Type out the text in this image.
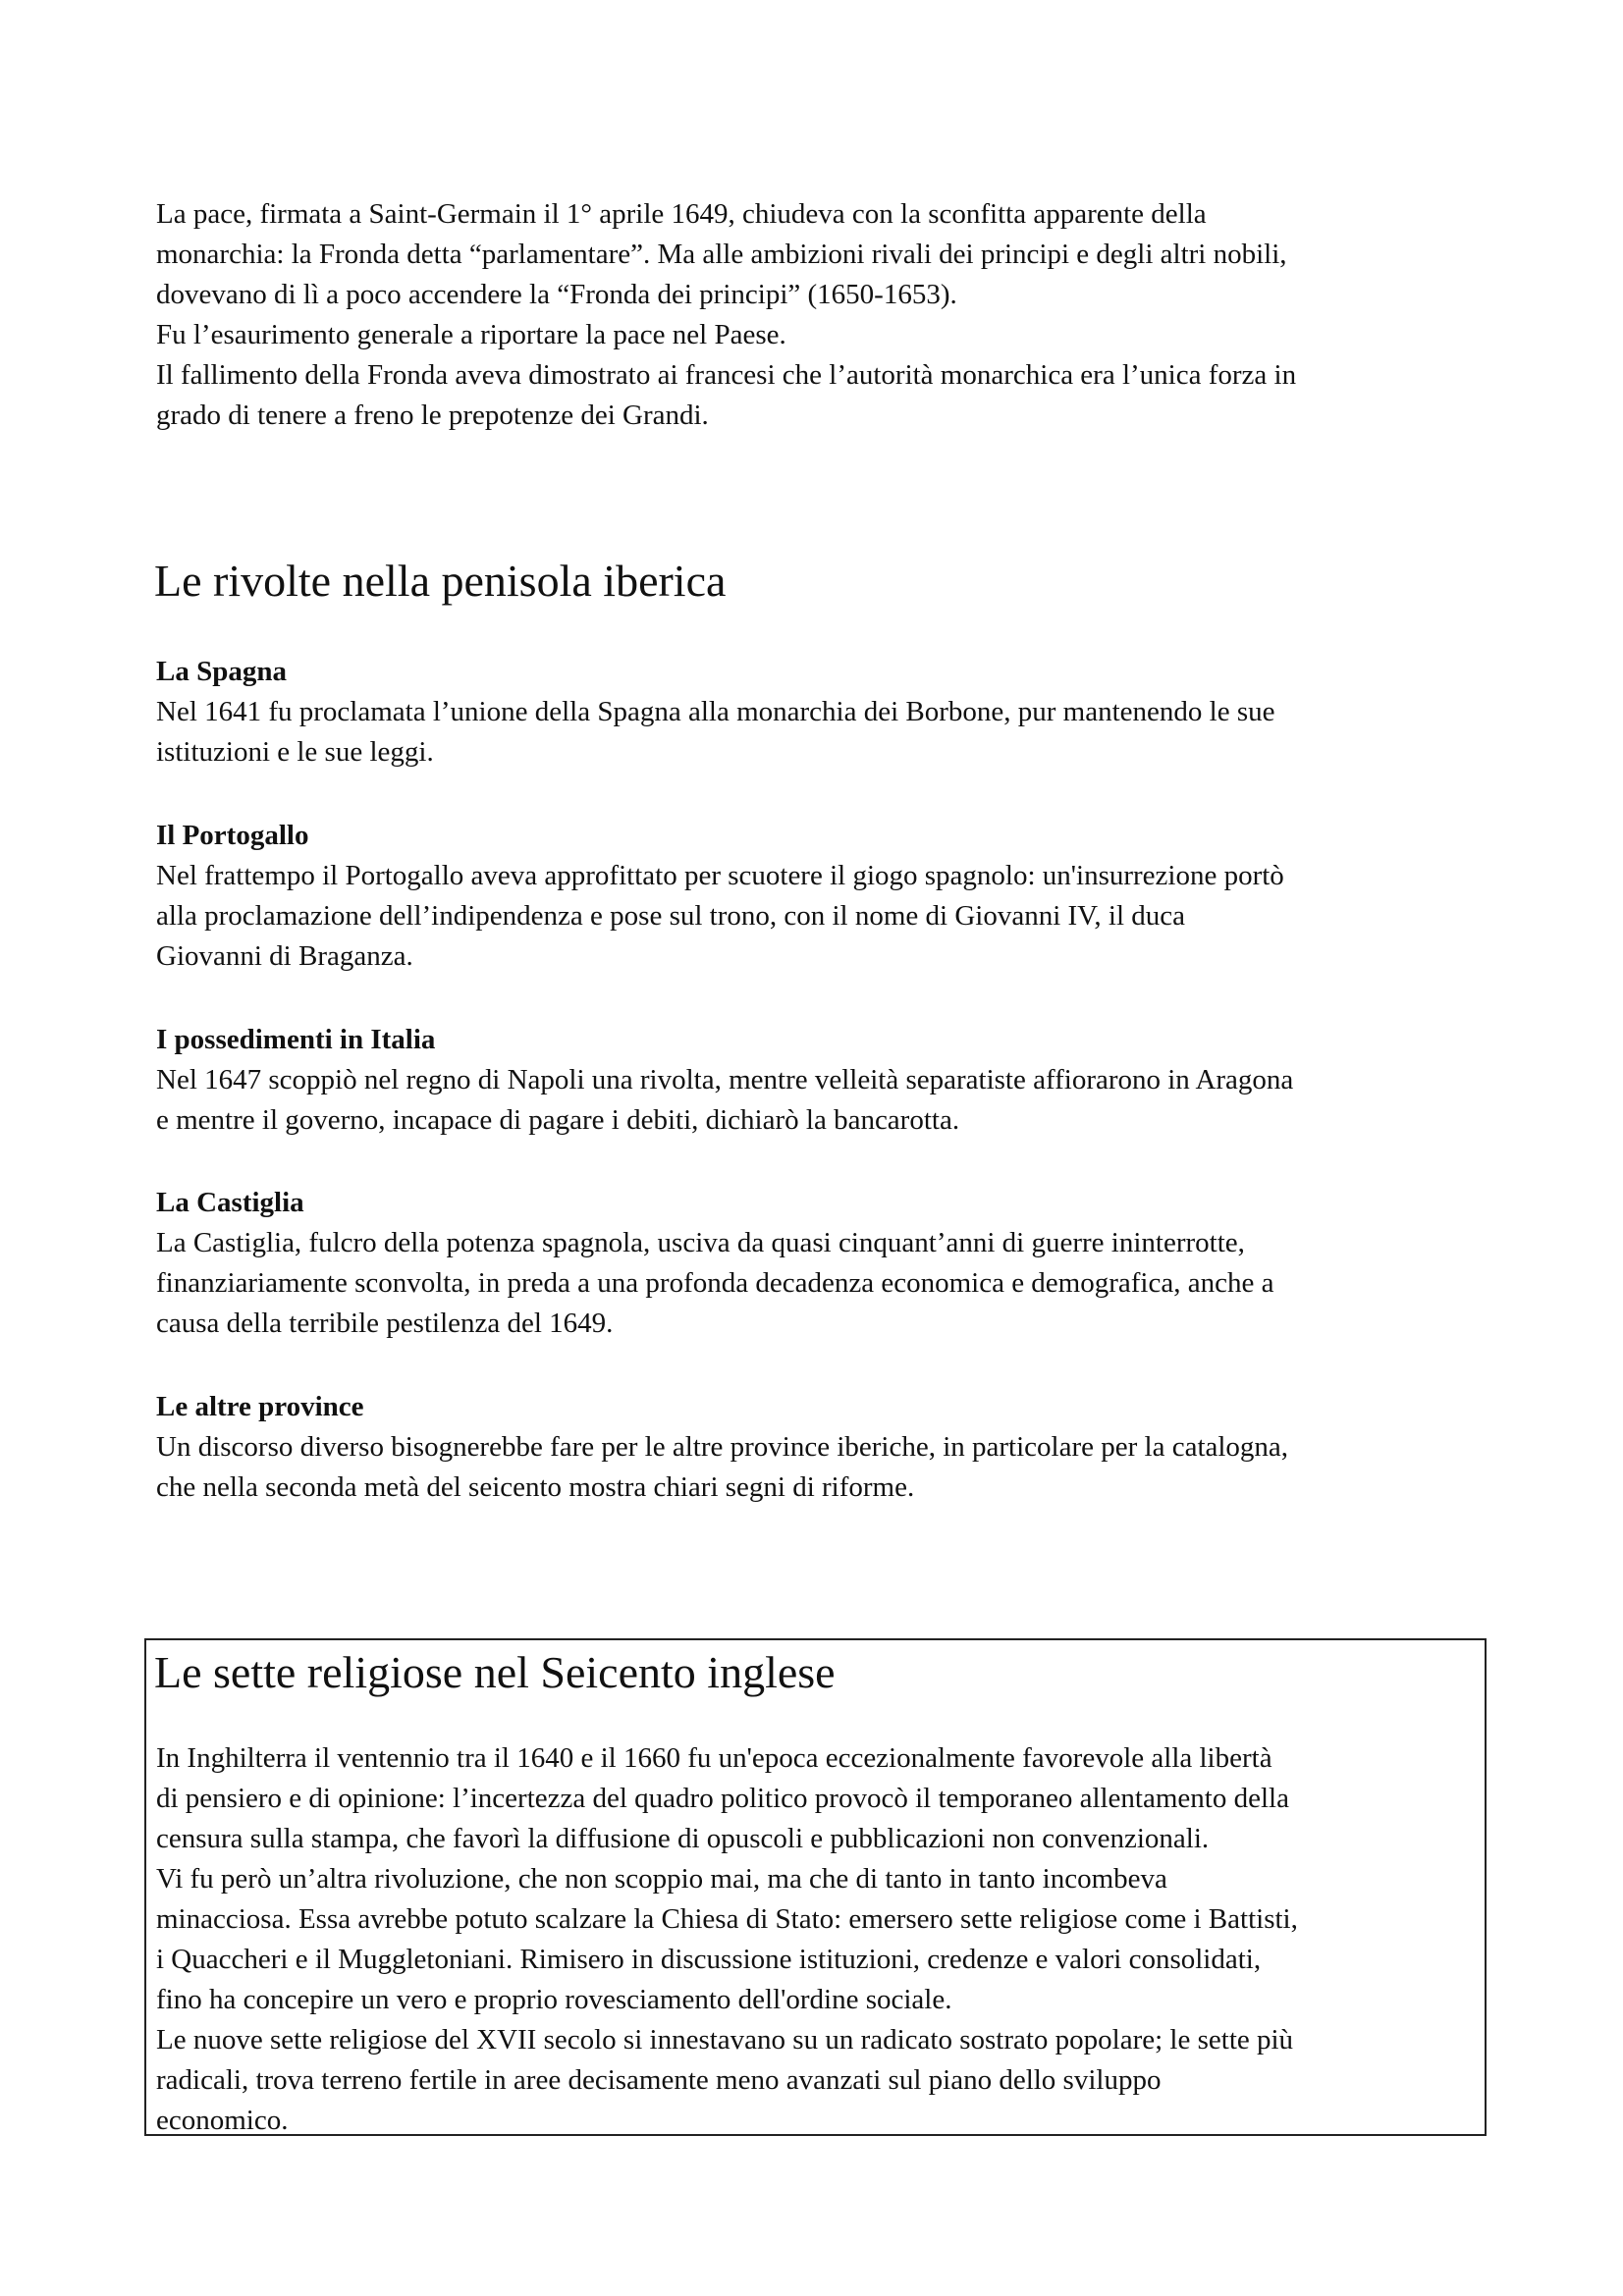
La pace, firmata a Saint-Germain il 1° aprile 1649, chiudeva con la sconfitta apparente della
monarchia: la Fronda detta “parlamentare”. Ma alle ambizioni rivali dei principi e degli altri nobili,
dovevano di lì a poco accendere la “Fronda dei principi” (1650-1653).
Fu l’esaurimento generale a riportare la pace nel Paese.
Il fallimento della Fronda aveva dimostrato ai francesi che l’autorità monarchica era l’unica forza in
grado di tenere a freno le prepotenze dei Grandi.
Le rivolte nella penisola iberica
La Spagna
Nel 1641 fu proclamata l’unione della Spagna alla monarchia dei Borbone, pur mantenendo le sue
istituzioni e le sue leggi.
Il Portogallo
Nel frattempo il Portogallo aveva approfittato per scuotere il giogo spagnolo: un'insurrezione portò
alla proclamazione dell’indipendenza e pose sul trono, con il nome di Giovanni IV, il duca
Giovanni di Braganza.
I possedimenti in Italia
Nel 1647 scoppiò nel regno di Napoli una rivolta, mentre velleità separatiste affiorarono in Aragona
e mentre il governo, incapace di pagare i debiti, dichiarò la bancarotta.
La Castiglia
La Castiglia, fulcro della potenza spagnola, usciva da quasi cinquant’anni di guerre ininterrotte,
finanziariamente sconvolta, in preda a una profonda decadenza economica e demografica, anche a
causa della terribile pestilenza del 1649.
Le altre province
Un discorso diverso bisognerebbe fare per le altre province iberiche, in particolare per la catalogna,
che nella seconda metà del seicento mostra chiari segni di riforme.
Le sette religiose nel Seicento inglese
In Inghilterra il ventennio tra il 1640 e il 1660 fu un'epoca eccezionalmente favorevole alla libertà
di pensiero e di opinione: l’incertezza del quadro politico provocò il temporaneo allentamento della
censura sulla stampa, che favorì la diffusione di opuscoli e pubblicazioni non convenzionali.
Vi fu però un’altra rivoluzione, che non scoppio mai, ma che di tanto in tanto incombeva
minacciosa. Essa avrebbe potuto scalzare la Chiesa di Stato: emersero sette religiose come i Battisti,
i Quaccheri e il Muggletoniani. Rimisero in discussione istituzioni, credenze e valori consolidati,
fino ha concepire un vero e proprio rovesciamento dell'ordine sociale.
Le nuove sette religiose del XVII secolo si innestavano su un radicato sostrato popolare; le sette più
radicali, trova terreno fertile in aree decisamente meno avanzati sul piano dello sviluppo
economico.
